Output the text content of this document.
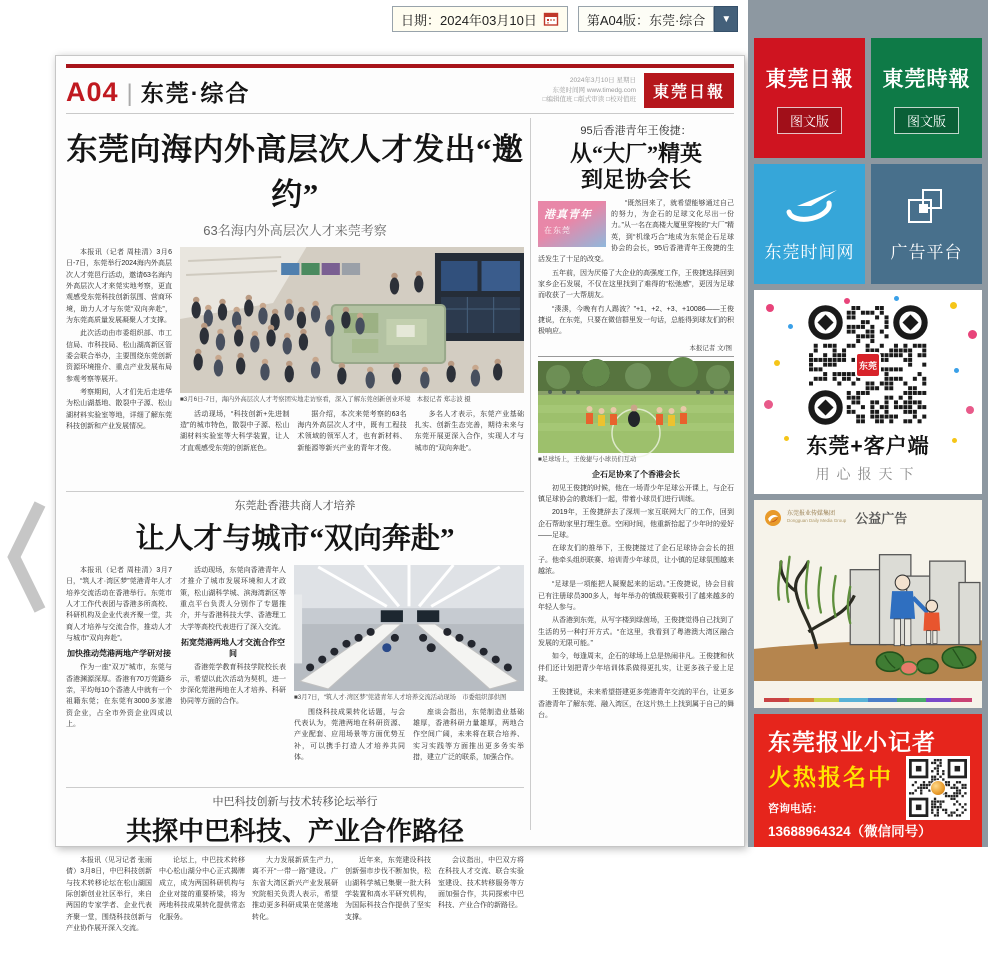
日期：2024年03月10日	第A04版：东莞·综合 ▼
A04 | 东莞·综合	2024年3月10日 星期日
东莞时间网 www.timedg.com
□编辑值班 □版式审读 □校对值班	東莞日報
东莞向海内外高层次人才发出“邀约”
63名海内外高层次人才来莞考察

本报讯（记者 周桂清）3月6日-7日，东莞举行2024海内外高层次人才莞邑行活动，邀请63名海内外高层次人才来莞实地考察，更直观感受东莞科技创新氛围、营商环境，助力人才与东莞“双向奔赴”，为东莞高质量发展凝聚人才支撑。

此次活动由市委组织部、市工信局、市科技局、松山湖高新区管委会联合举办，主要围绕东莞创新资源环境推介、重点产业发展布局参观考察等展开。

考察期间，人才们先后走进华为松山湖基地、散裂中子源、松山湖材料实验室等地，详细了解东莞科技创新和产业发展情况。

■3月6日-7日，海内外高层次人才考察团实地走访察看，深入了解东莞创新创业环境　本报记者 郑志波 摄

活动现场，“科技创新+先进制造”的城市特色，散裂中子源、松山湖材料实验室等大科学装置，让人才直观感受东莞的创新底色。

据介绍，本次来莞考察的63名海内外高层次人才中，既有工程技术领域的领军人才，也有新材料、新能源等新兴产业的青年才俊。

多名人才表示，东莞产业基础扎实、创新生态完善，期待未来与东莞开展更深入合作，实现人才与城市的“双向奔赴”。

东莞赴香港共商人才培养
让人才与城市“双向奔赴”

本报讯（记者 周桂清）3月7日，“筑人才·湾区梦”莞港青年人才培养交流活动在香港举行。东莞市人才工作代表团与香港多所高校、科研机构及企业代表齐聚一堂，共商人才培养与交流合作，推动人才与城市“双向奔赴”。

加快推动莞港两地产学研对接

作为一座“双万”城市，东莞与香港渊源深厚。香港有70万莞籍乡亲，平均每10个香港人中就有一个祖籍东莞；在东莞有3000多家港资企业，占全市外资企业四成以上。

活动现场，东莞向香港青年人才推介了城市发展环境和人才政策，松山湖科学城、滨海湾新区等重点平台负责人分别作了专题推介，并与香港科技大学、香港理工大学等高校代表进行了深入交流。

拓宽莞港两地人才交流合作空间

香港莞学教育科技学院校长表示，希望以此次活动为契机，进一步深化莞港两地在人才培养、科研协同等方面的合作。

■3月7日，“筑人才·湾区梦”莞港青年人才培养交流活动现场　市委组织部供图

围绕科技成果转化话题，与会代表认为，莞港两地在科研资源、产业配套、应用场景等方面优势互补，可以携手打造人才培养共同体。

座谈会指出，东莞制造业基础雄厚，香港科研力量雄厚，两地合作空间广阔，未来将在联合培养、实习实践等方面推出更多务实举措，建立广泛的联系，加强合作。

中巴科技创新与技术转移论坛举行
共探中巴科技、产业合作路径

本报讯（见习记者 张雨倩）3月8日，中巴科技创新与技术转移论坛在松山湖国际创新创业社区举行，来自两国的专家学者、企业代表齐聚一堂，围绕科技创新与产业协作展开深入交流。

论坛上，中巴技术转移中心松山湖分中心正式揭牌成立，成为两国科研机构与企业对接的重要桥梁，将为两地科技成果转化提供常态化服务。

大力发展新质生产力，离不开“一带一路”建设。广东省大湾区新兴产业发展研究院相关负责人表示，希望推动更多科研成果在莞落地转化。

近年来，东莞建设科技创新强市步伐不断加快，松山湖科学城已集聚一批大科学装置和高水平研究机构，为国际科技合作提供了坚实支撑。

会议指出，中巴双方将在科技人才交流、联合实验室建设、技术转移服务等方面加强合作，共同探索中巴科技、产业合作的新路径。

95后香港青年王俊捷：
从“大厂”精英
到足协会长
港真青年
在东莞

“既然回来了，就希望能够通过自己的努力，为企石的足球文化尽出一份力。”从一名在高楼大厦里穿梭的“大厂”精英，到“机缘巧合”地成为东莞企石足球协会的会长，95后香港青年王俊捷的生活发生了十足的改变。

五年前，因为厌倦了大企业的高强度工作，王俊捷选择回到家乡企石发展，不仅在这里找到了难得的“松弛感”，更因为足球而收获了一大帮朋友。

“湊湊，今晚有冇人踢波？”+1、+2、+3、+10086——王俊捷说，在东莞，只要在微信群里发一句话，总能得到球友们的积极响应。

本报记者 文/图
■足球场上，王俊捷与小球员们互动
企石足协来了个香港会长

初见王俊捷的时候，他在一场青少年足球公开课上，与企石镇足球协会的教练们一起，带着小球员们进行训练。

2019年，王俊捷辞去了深圳一家互联网大厂的工作，回到企石帮助家里打理生意。空闲时间，他重新拾起了少年时的爱好——足球。

在球友们的推举下，王俊捷接过了企石足球协会会长的担子。他牵头组织联赛、培训青少年球员，让小镇的足球氛围越来越浓。

“足球是一项能把人凝聚起来的运动。”王俊捷说，协会目前已有注册球员300多人，每年举办的镇级联赛吸引了越来越多的年轻人参与。

从香港到东莞，从写字楼到绿茵场，王俊捷觉得自己找到了生活的另一种打开方式。“在这里，我看到了粤港澳大湾区融合发展的无限可能。”

如今，每逢周末，企石的球场上总是热闹非凡。王俊捷和伙伴们还计划把青少年培训体系做得更扎实，让更多孩子爱上足球。

王俊捷说，未来希望搭建更多莞港青年交流的平台，让更多香港青年了解东莞、融入湾区，在这片热土上找到属于自己的舞台。

東莞日報
图文版
東莞時報
图文版
东莞时间网 广告平台
东莞
东莞+客户端
用心报天下
东莞报业传媒集团
Dongguan Daily Media Group 公益广告
东莞报业小记者
火热报名中
咨询电话：
13688964324（微信同号）
